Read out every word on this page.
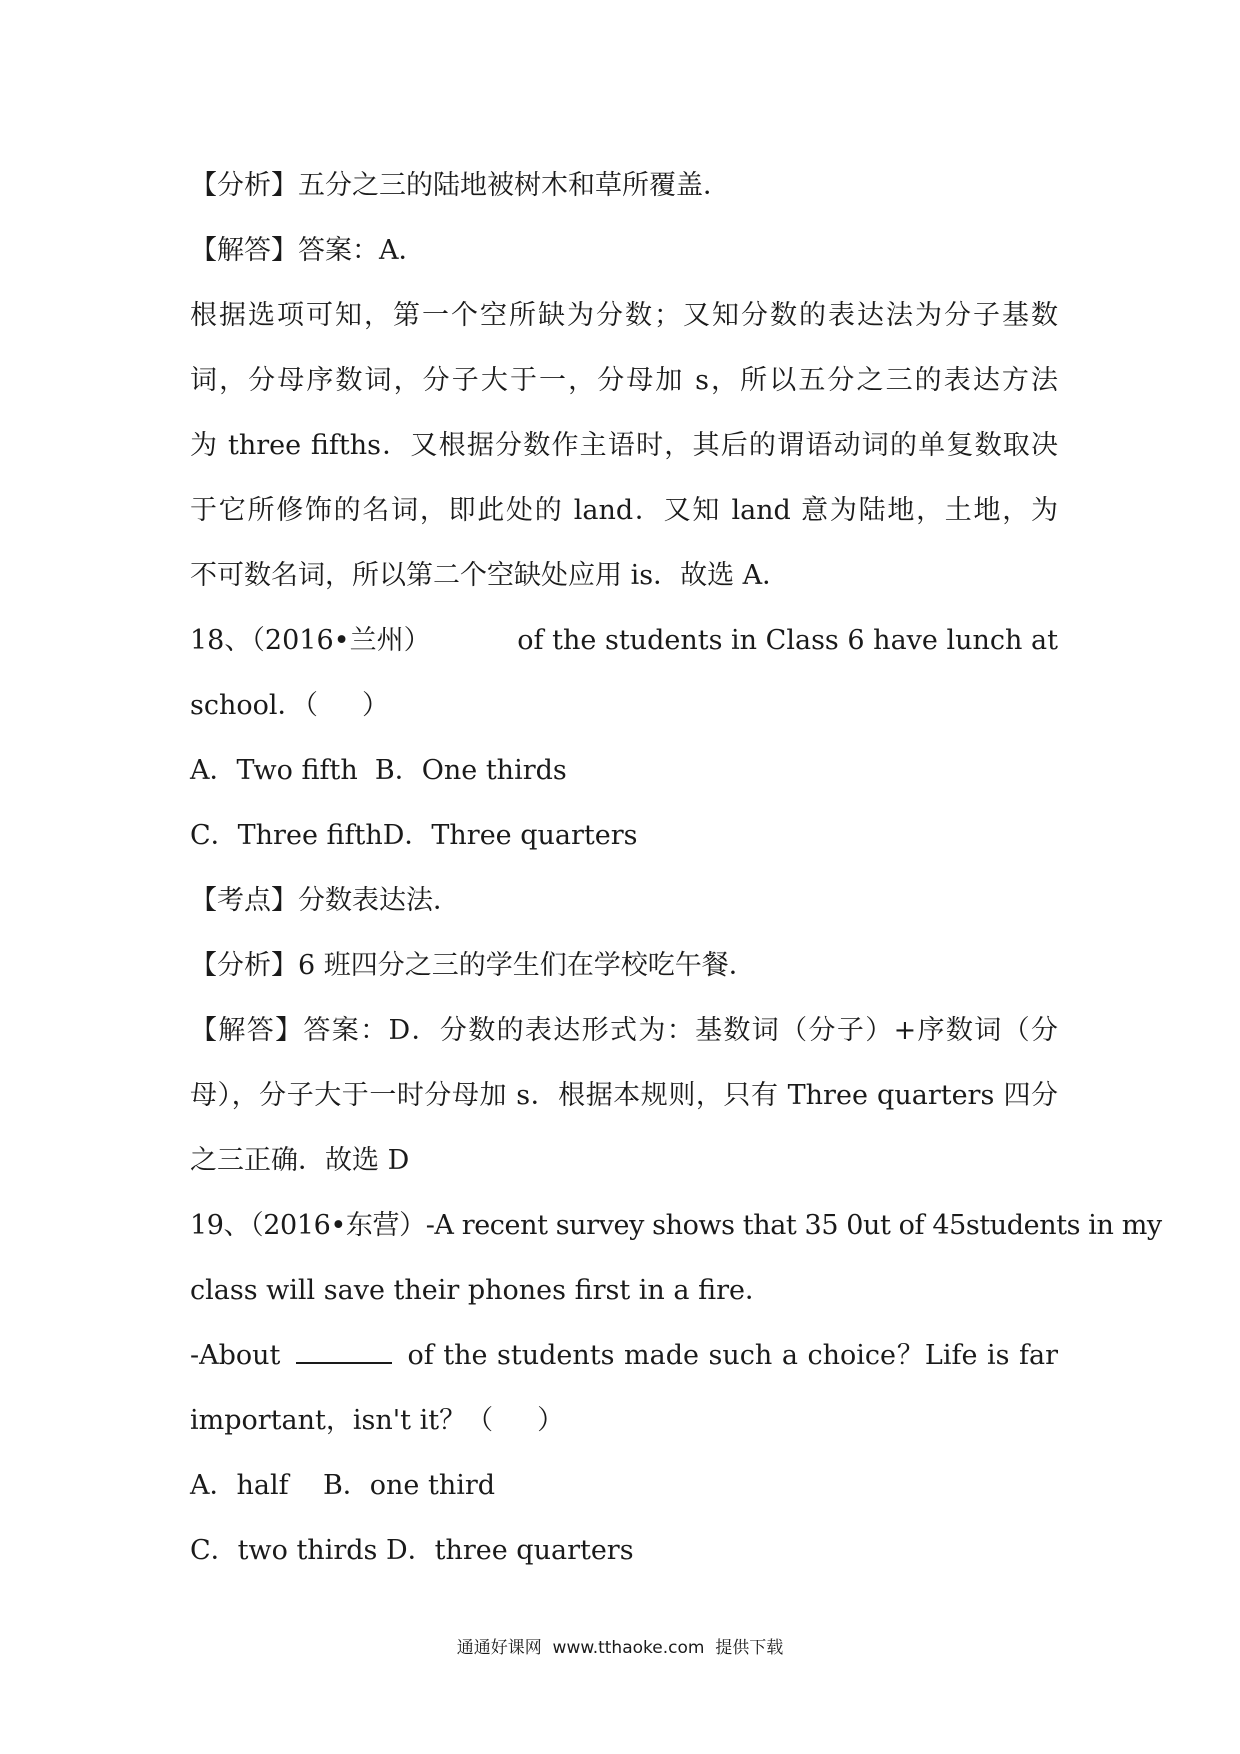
【分析】五分之三的陆地被树木和草所覆盖．
【解答】答案：A．
根据选项可知，第一个空所缺为分数；又知分数的表达法为分子基数
词，分母序数词，分子大于一，分母加 s，所以五分之三的表达方法
为 three fifths．又根据分数作主语时，其后的谓语动词的单复数取决
于它所修饰的名词，即此处的 land．又知 land 意为陆地，土地，为
不可数名词，所以第二个空缺处应用 is．故选 A．
18、（2016•兰州）	of the students in Class 6 have lunch at
school．（ ）
A．Two fifth  B．One thirds
C．Three fifthD．Three quarters
【考点】分数表达法．
【分析】6 班四分之三的学生们在学校吃午餐．
【解答】答案：D．分数的表达形式为：基数词（分子）+序数词（分
母），分子大于一时分母加 s．根据本规则，只有 Three quarters 四分
之三正确．故选 D
19、（2016•东营）-A recent survey shows that 35 0ut of 45students in my
class will save their phones first in a fire．
-About	of the students made such a choice？Life is far
important，isn't it？（ ）
A．half    B．one third
C．two thirds D．three quarters
通通好课网  www.tthaoke.com  提供下载
